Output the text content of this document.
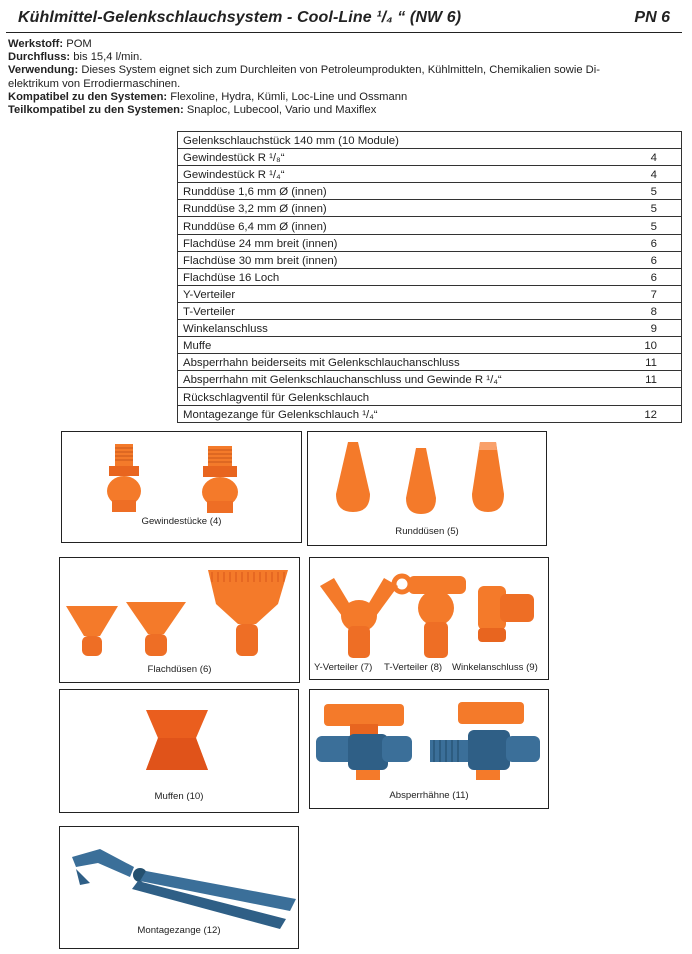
Kühlmittel-Gelenkschlauchsystem - Cool-Line ¹/₄ “ (NW 6)	PN 6
Werkstoff: POM
Durchfluss: bis 15,4 l/min.
Verwendung: Dieses System eignet sich zum Durchleiten von Petroleumprodukten, Kühlmitteln, Chemikalien sowie Di-
elektrikum von Errodiermaschinen.
Kompatibel zu den Systemen: Flexoline, Hydra, Kümli, Loc-Line und Ossmann
Teilkompatibel zu den Systemen: Snaploc, Lubecool, Vario und Maxiflex
Gelenkschlauchstück 140 mm (10 Module)	
Gewindestück R ¹/₈“	4
Gewindestück R ¹/₄“	4
Runddüse 1,6 mm Ø (innen)	5
Runddüse 3,2 mm Ø (innen)	5
Runddüse 6,4 mm Ø (innen)	5
Flachdüse 24 mm breit (innen)	6
Flachdüse 30 mm breit (innen)	6
Flachdüse 16 Loch	6
Y-Verteiler	7
T-Verteiler	8
Winkelanschluss	9
Muffe	10
Absperrhahn beiderseits mit Gelenkschlauchanschluss	11
Absperrhahn mit Gelenkschlauchanschluss und Gewinde R ¹/₄“	11
Rückschlagventil für Gelenkschlauch	
Montagezange für Gelenkschlauch ¹/₄“	12
Gewindestücke (4)
Runddüsen (5)
Flachdüsen (6)	Y-Verteiler (7) T-Verteiler (8) Winkelanschluss (9)
Muffen (10)	Absperrhähne (11)
Montagezange (12)
